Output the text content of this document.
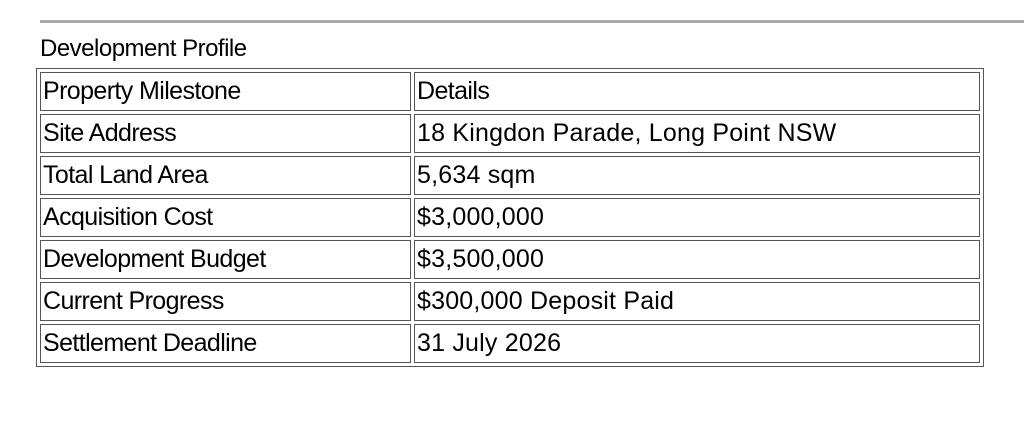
Development Profile
Property Milestone	Details
Site Address	18 Kingdon Parade, Long Point NSW
Total Land Area	5,634 sqm
Acquisition Cost	$3,000,000
Development Budget	$3,500,000
Current Progress	$300,000 Deposit Paid
Settlement Deadline	31 July 2026
